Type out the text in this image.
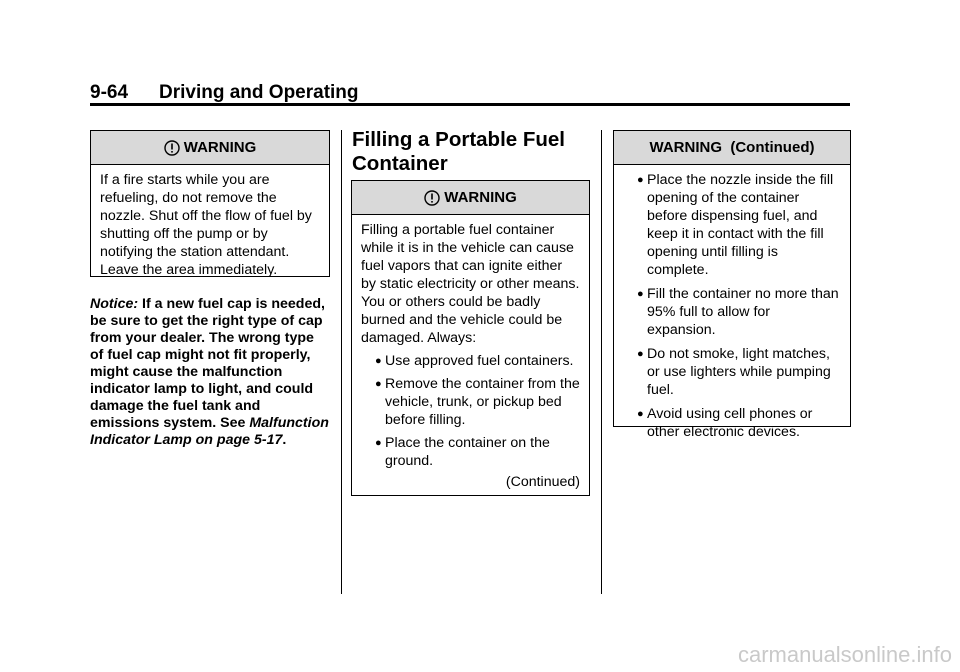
9-64 Driving and Operating
WARNING
If a fire starts while you are refueling, do not remove the nozzle. Shut off the flow of fuel by shutting off the pump or by notifying the station attendant. Leave the area immediately.
Notice: If a new fuel cap is needed, be sure to get the right type of cap from your dealer. The wrong type of fuel cap might not fit properly, might cause the malfunction indicator lamp to light, and could damage the fuel tank and emissions system. See Malfunction Indicator Lamp on page 5-17.
Filling a Portable Fuel Container
WARNING
Filling a portable fuel container while it is in the vehicle can cause fuel vapors that can ignite either by static electricity or other means. You or others could be badly burned and the vehicle could be damaged. Always:
● Use approved fuel containers.
● Remove the container from the vehicle, trunk, or pickup bed before filling.
● Place the container on the ground.
(Continued)
WARNING  (Continued)
● Place the nozzle inside the fill opening of the container before dispensing fuel, and keep it in contact with the fill opening until filling is complete.
● Fill the container no more than 95% full to allow for expansion.
● Do not smoke, light matches, or use lighters while pumping fuel.
● Avoid using cell phones or other electronic devices.
carmanualsonline.info
